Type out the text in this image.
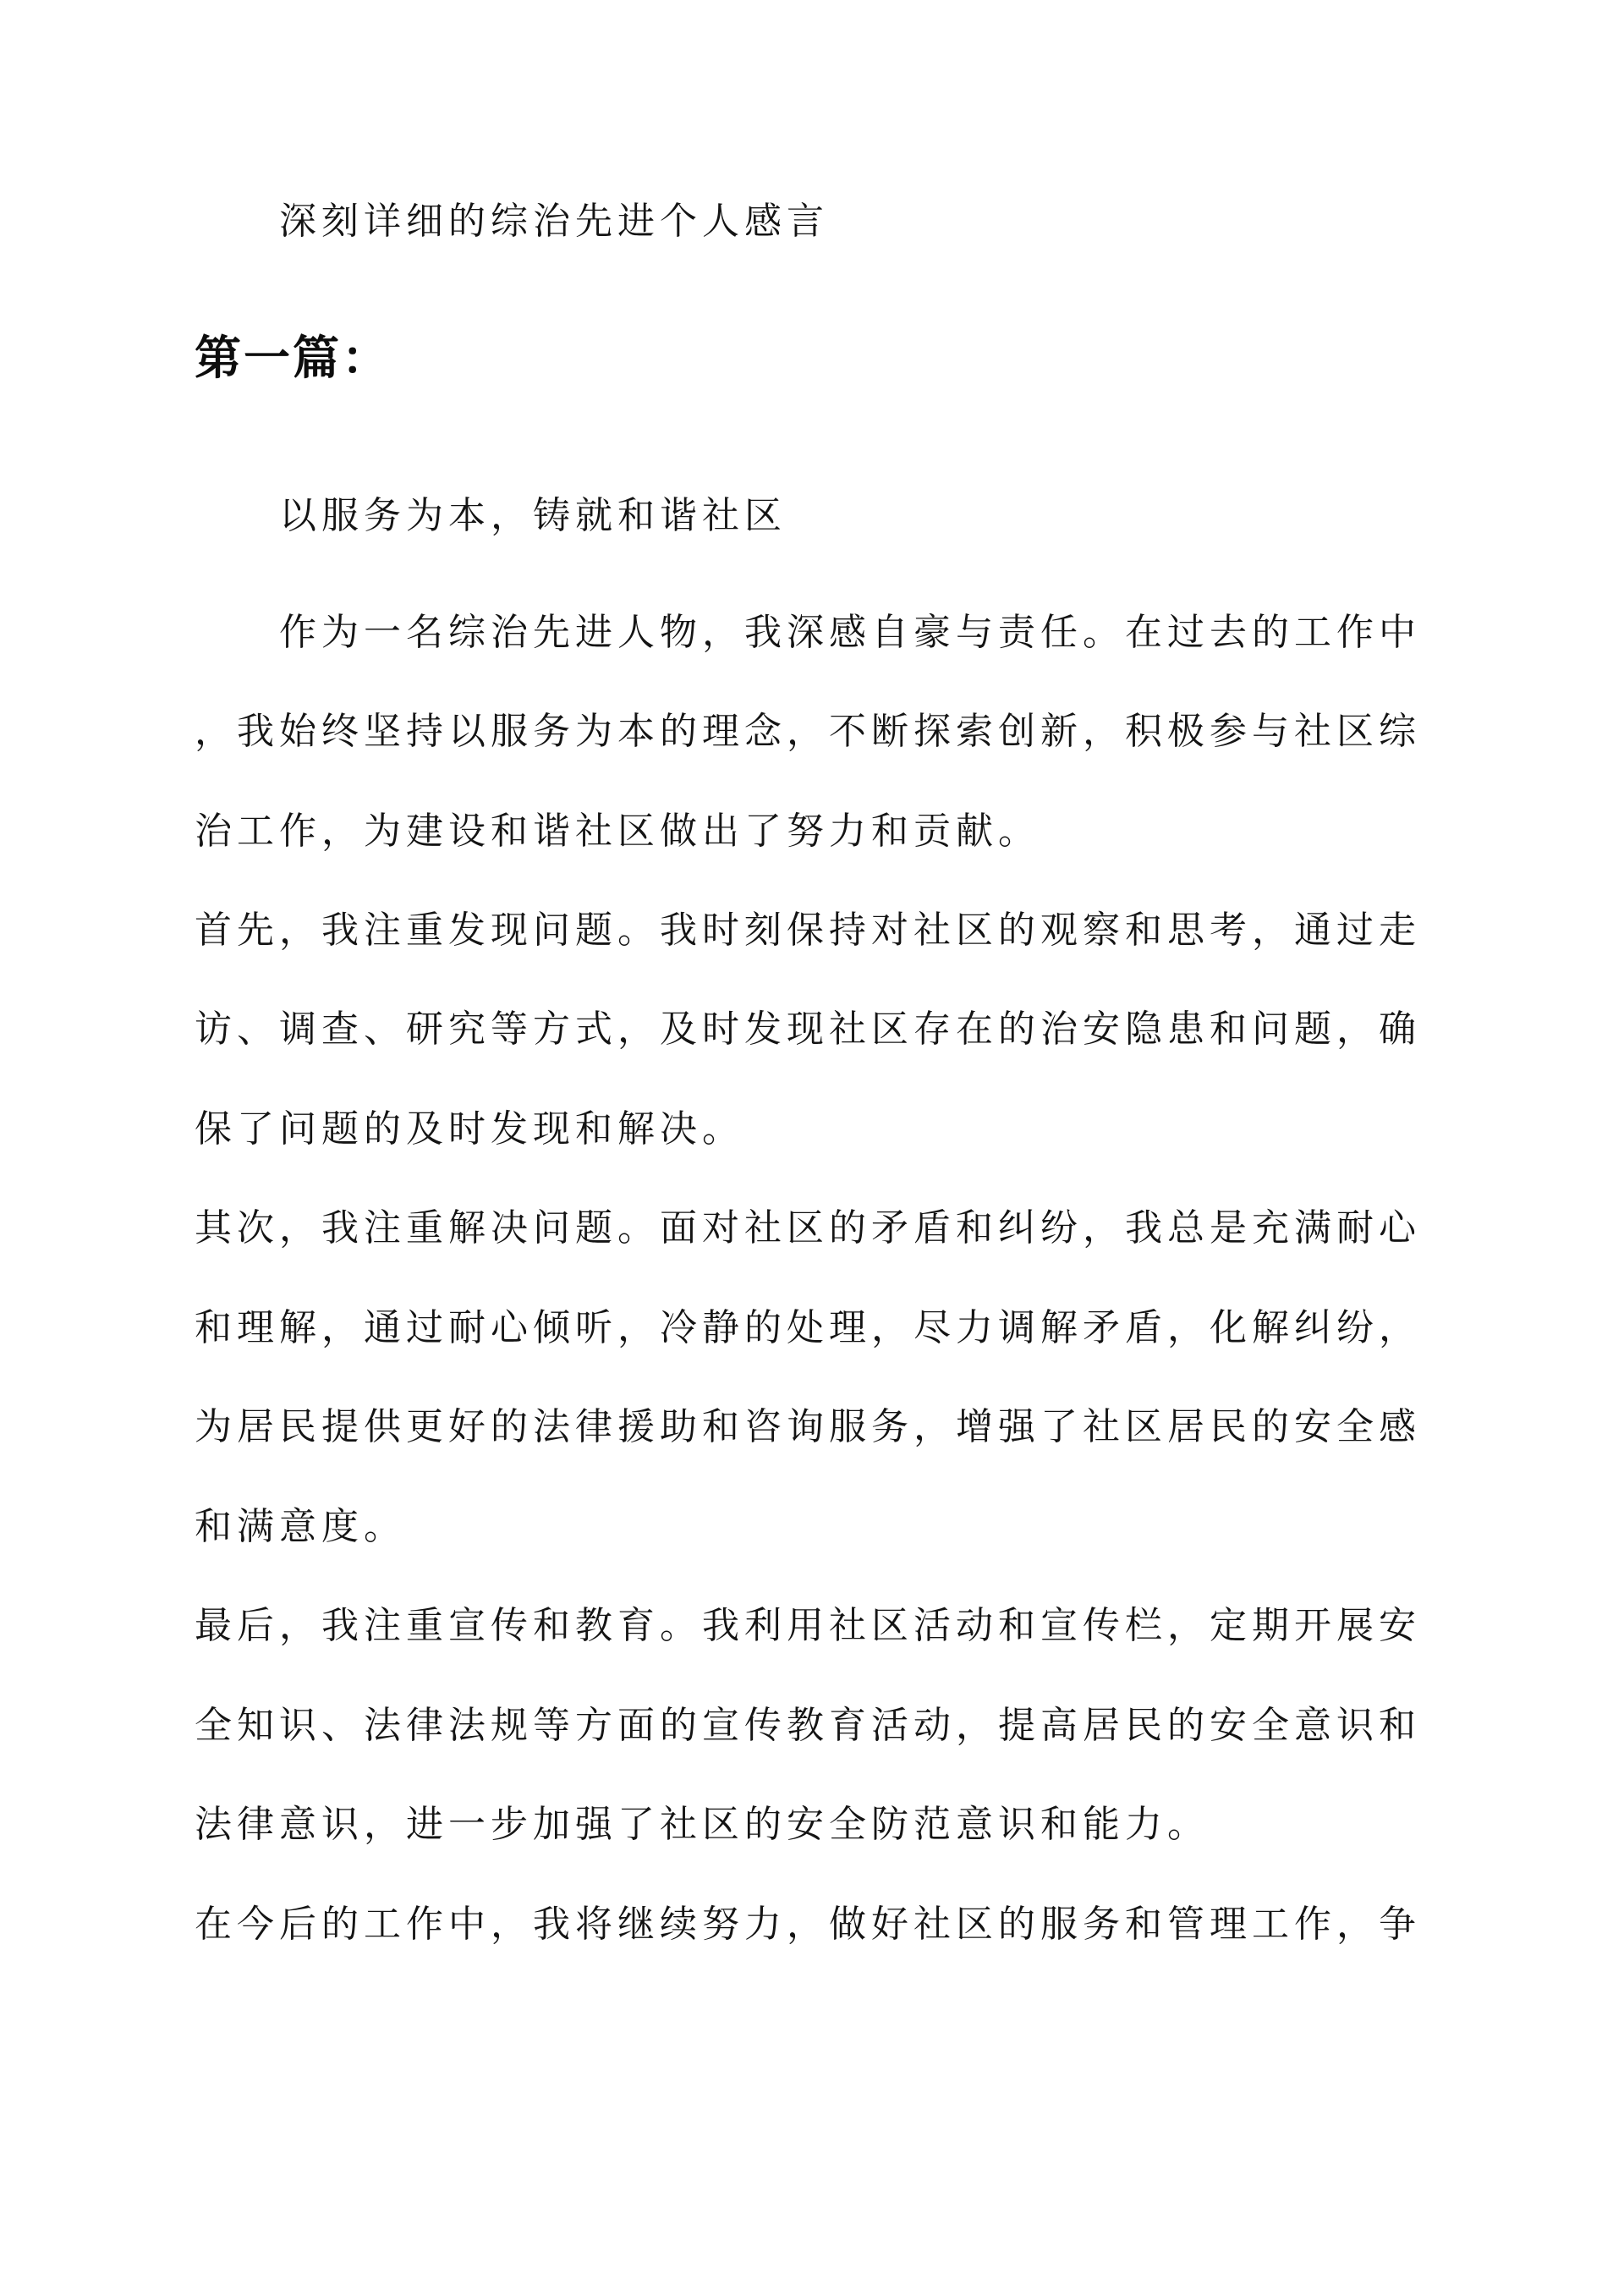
深刻详细的综治先进个人感言
第一篇：
以服务为本，铸就和谐社区
作为一名综治先进人物，我深感自豪与责任。在过去的工作中
，我始终坚持以服务为本的理念，不断探索创新，积极参与社区综
治工作，为建设和谐社区做出了努力和贡献。
首先，我注重发现问题。我时刻保持对社区的观察和思考，通过走
访、调查、研究等方式，及时发现社区存在的治安隐患和问题，确
保了问题的及时发现和解决。
其次，我注重解决问题。面对社区的矛盾和纠纷，我总是充满耐心
和理解，通过耐心倾听，冷静的处理，尽力调解矛盾，化解纠纷，
为居民提供更好的法律援助和咨询服务，增强了社区居民的安全感
和满意度。
最后，我注重宣传和教育。我利用社区活动和宣传栏，定期开展安
全知识、法律法规等方面的宣传教育活动，提高居民的安全意识和
法律意识，进一步加强了社区的安全防范意识和能力。
在今后的工作中，我将继续努力，做好社区的服务和管理工作，争
